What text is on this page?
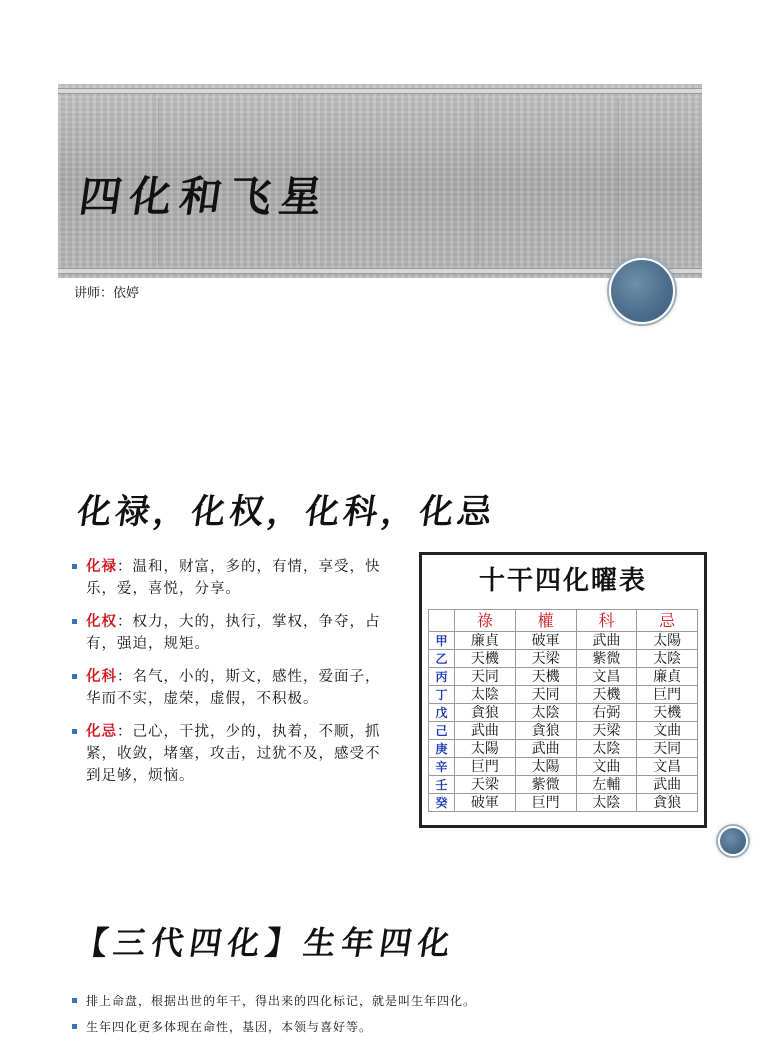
四化和飞星
讲师：依婷
化禄，化权，化科，化忌
化禄：温和，财富，多的，有情，享受，快乐，爱，喜悦，分享。
化权：权力，大的，执行，掌权，争夺，占有，强迫，规矩。
化科：名气，小的，斯文，感性，爱面子，华而不实，虚荣，虚假，不积极。
化忌：己心，干扰，少的，执着，不顺，抓紧，收敛，堵塞，攻击，过犹不及，感受不到足够，烦恼。
十干四化曜表
	祿	權	科	忌
甲	廉貞	破軍	武曲	太陽
乙	天機	天梁	紫微	太陰
丙	天同	天機	文昌	廉貞
丁	太陰	天同	天機	巨門
戊	貪狼	太陰	右弼	天機
己	武曲	貪狼	天梁	文曲
庚	太陽	武曲	太陰	天同
辛	巨門	太陽	文曲	文昌
壬	天梁	紫微	左輔	武曲
癸	破軍	巨門	太陰	貪狼
【三代四化】生年四化
排上命盘，根据出世的年干，得出来的四化标记，就是叫生年四化。
生年四化更多体现在命性，基因，本领与喜好等。
